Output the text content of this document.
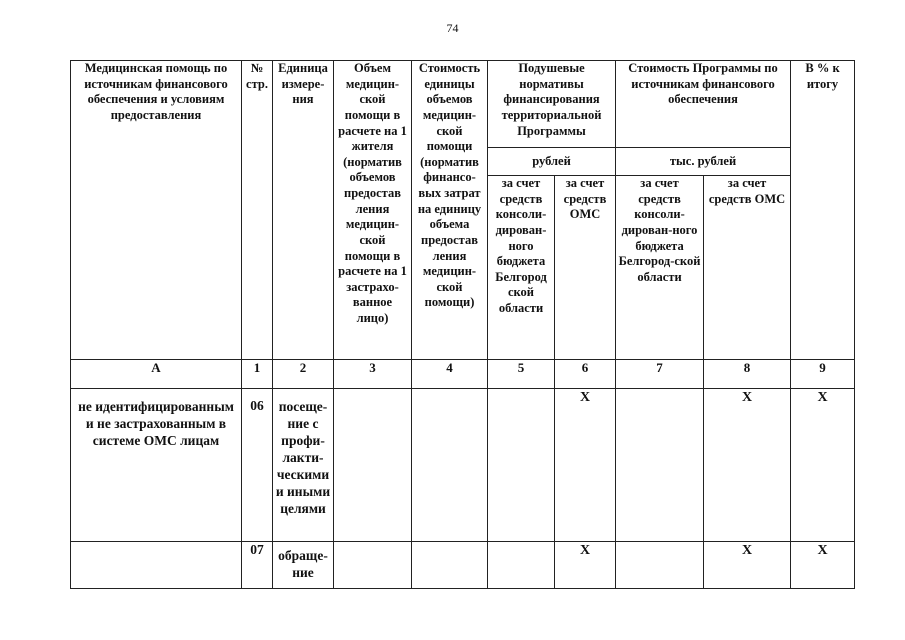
74
Медицинская помощь по источникам финансового обеспечения и условиям предоставления	№ стр.	Единица измере-ния	Объем медицин-ской помощи в расчете на 1 жителя (норматив объемов предостав ления медицин-ской помощи в расчете на 1 застрахо-ванное лицо)	Стоимость единицы объемов медицин-ской помощи (норматив финансо-вых затрат на единицу объема предостав ления медицин-ской помощи)	Подушевые нормативы финансирования территориальной Программы		Стоимость Программы по источникам финансового обеспечения		В % к итогу
					рублей		тыс. рублей		
					за счет средств консоли-дирован-ного бюджета Белгород ской области	за счет средств ОМС	за счет средств консоли-дирован-ного бюджета Белгород-ской области	за счет средств ОМС	
А	1	2	3	4	5	6	7	8	9
не идентифицированным и не застрахованным в системе ОМС лицам	06	посеще-ние с профи-лакти-ческими и иными целями				Х		Х	Х
	07	обраще-ние				Х		Х	Х
